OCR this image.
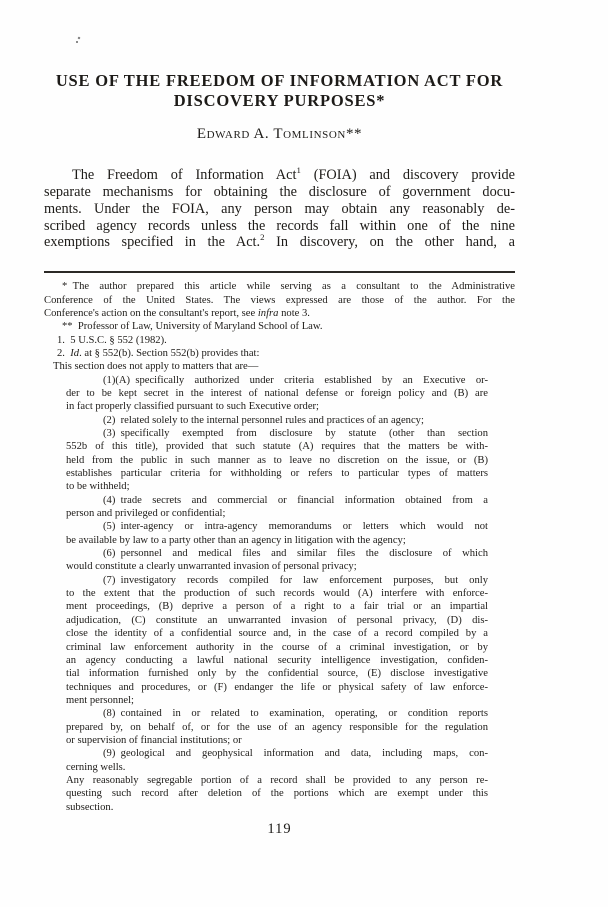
USE OF THE FREEDOM OF INFORMATION ACT FOR
DISCOVERY PURPOSES*
Edward A. Tomlinson**
The Freedom of Information Act$^1$ (FOIA) and discovery provide
separate mechanisms for obtaining the disclosure of government docu-
ments. Under the FOIA, any person may obtain any reasonably de-
scribed agency records unless the records fall within one of the nine
exemptions specified in the Act.$^2$ In discovery, on the other hand, a
* The author prepared this article while serving as a consultant to the Administrative
Conference of the United States. The views expressed are those of the author. For the
Conference's action on the consultant's report, see infra note 3.
** Professor of Law, University of Maryland School of Law.
1. 5 U.S.C. § 552 (1982).
2. Id. at § 552(b). Section 552(b) provides that:
This section does not apply to matters that are—
(1)(A) specifically authorized under criteria established by an Executive or-
der to be kept secret in the interest of national defense or foreign policy and (B) are
in fact properly classified pursuant to such Executive order;
(2) related solely to the internal personnel rules and practices of an agency;
(3) specifically exempted from disclosure by statute (other than section
552b of this title), provided that such statute (A) requires that the matters be with-
held from the public in such manner as to leave no discretion on the issue, or (B)
establishes particular criteria for withholding or refers to particular types of matters
to be withheld;
(4) trade secrets and commercial or financial information obtained from a
person and privileged or confidential;
(5) inter-agency or intra-agency memorandums or letters which would not
be available by law to a party other than an agency in litigation with the agency;
(6) personnel and medical files and similar files the disclosure of which
would constitute a clearly unwarranted invasion of personal privacy;
(7) investigatory records compiled for law enforcement purposes, but only
to the extent that the production of such records would (A) interfere with enforce-
ment proceedings, (B) deprive a person of a right to a fair trial or an impartial
adjudication, (C) constitute an unwarranted invasion of personal privacy, (D) dis-
close the identity of a confidential source and, in the case of a record compiled by a
criminal law enforcement authority in the course of a criminal investigation, or by
an agency conducting a lawful national security intelligence investigation, confiden-
tial information furnished only by the confidential source, (E) disclose investigative
techniques and procedures, or (F) endanger the life or physical safety of law enforce-
ment personnel;
(8) contained in or related to examination, operating, or condition reports
prepared by, on behalf of, or for the use of an agency responsible for the regulation
or supervision of financial institutions; or
(9) geological and geophysical information and data, including maps, con-
cerning wells.
Any reasonably segregable portion of a record shall be provided to any person re-
questing such record after deletion of the portions which are exempt under this
subsection.
119
